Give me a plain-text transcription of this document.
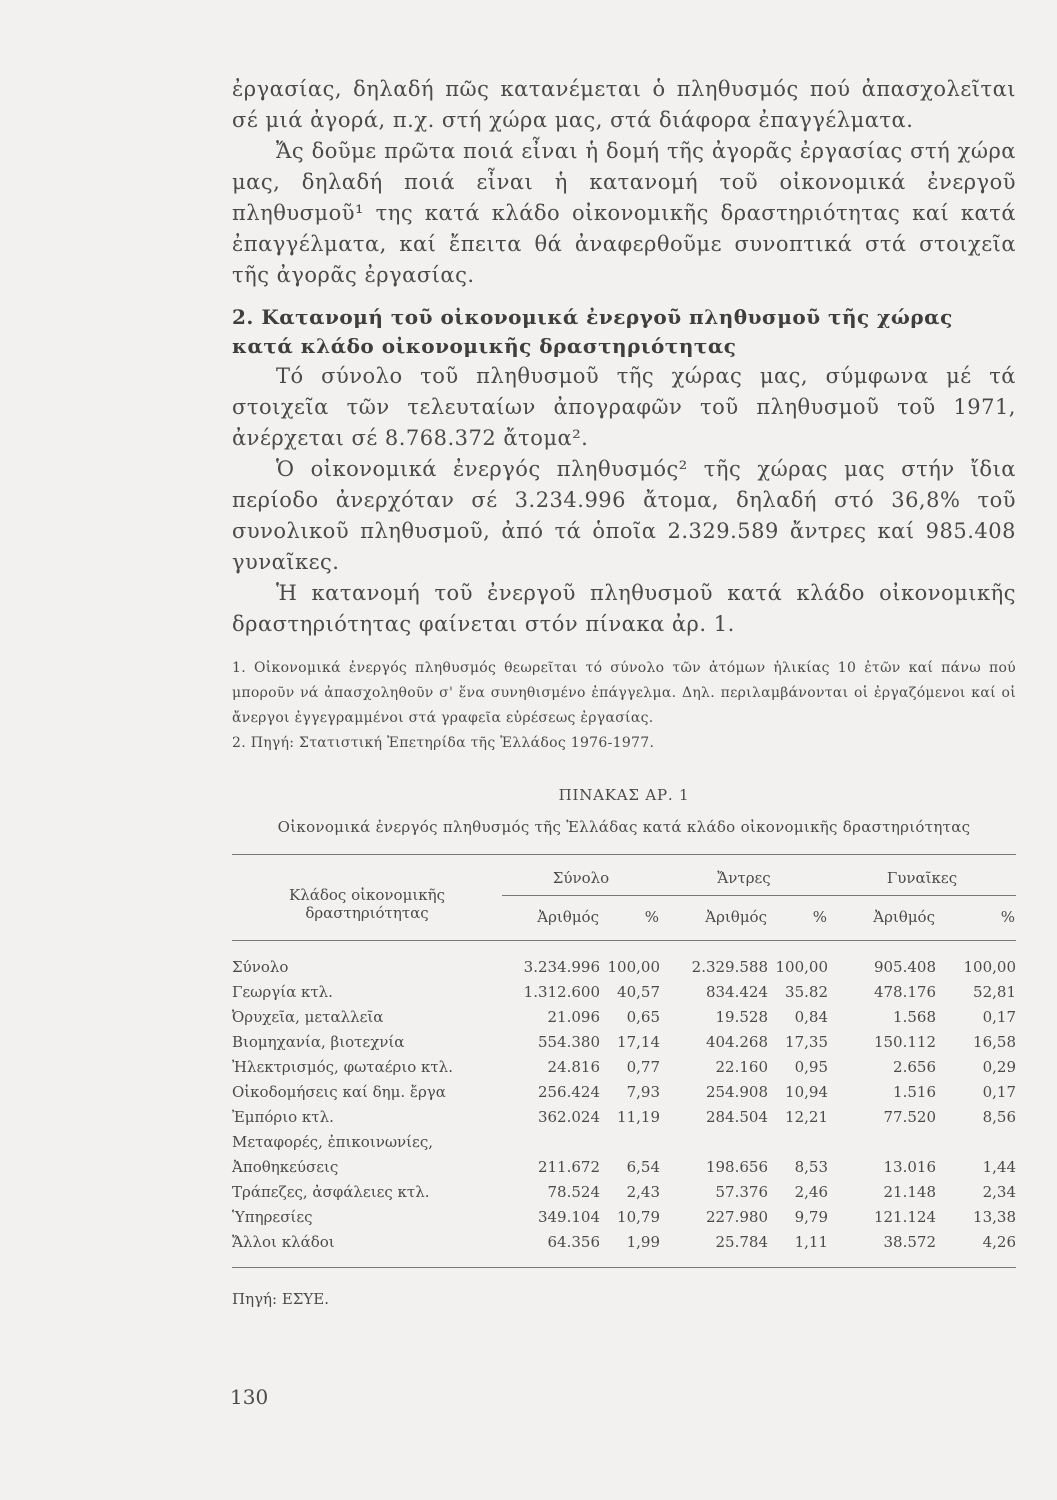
ἐργασίας, δηλαδή πῶς κατανέμεται ὁ πληθυσμός πού ἀπασχολεῖται σέ μιά ἀγορά, π.χ. στή χώρα μας, στά διάφορα ἐπαγγέλματα.

Ἄς δοῦμε πρῶτα ποιά εἶναι ἡ δομή τῆς ἀγορᾶς ἐργασίας στή χώρα μας, δηλαδή ποιά εἶναι ἡ κατανομή τοῦ οἰκονομικά ἐνεργοῦ πληθυσμοῦ¹ της κατά κλάδο οἰκονομικῆς δραστηριότητας καί κατά ἐπαγγέλματα, καί ἔπειτα θά ἀναφερθοῦμε συνοπτικά στά στοιχεῖα τῆς ἀγορᾶς ἐργασίας.

2. Κατανομή τοῦ οἰκονομικά ἐνεργοῦ πληθυσμοῦ τῆς χώρας κατά κλάδο οἰκονομικῆς δραστηριότητας

Τό σύνολο τοῦ πληθυσμοῦ τῆς χώρας μας, σύμφωνα μέ τά στοιχεῖα τῶν τελευταίων ἀπογραφῶν τοῦ πληθυσμοῦ τοῦ 1971, ἀνέρχεται σέ 8.768.372 ἄτομα².

Ὁ οἰκονομικά ἐνεργός πληθυσμός² τῆς χώρας μας στήν ἴδια περίοδο ἀνερχόταν σέ 3.234.996 ἄτομα, δηλαδή στό 36,8% τοῦ συνολικοῦ πληθυσμοῦ, ἀπό τά ὁποῖα 2.329.589 ἄντρες καί 985.408 γυναῖκες.

Ἡ κατανομή τοῦ ἐνεργοῦ πληθυσμοῦ κατά κλάδο οἰκονομικῆς δραστηριότητας φαίνεται στόν πίνακα ἀρ. 1.

1. Οἰκονομικά ἐνεργός πληθυσμός θεωρεῖται τό σύνολο τῶν ἀτόμων ἡλικίας 10 ἐτῶν καί πάνω πού μποροῦν νά ἀπασχοληθοῦν σ' ἕνα συνηθισμένο ἐπάγγελμα. Δηλ. περιλαμβάνονται οἱ ἐργαζόμενοι καί οἱ ἄνεργοι ἐγγεγραμμένοι στά γραφεῖα εὑρέσεως ἐργασίας.

2. Πηγή: Στατιστική Ἐπετηρίδα τῆς Ἑλλάδος 1976-1977.

ΠΙΝΑΚΑΣ ΑΡ. 1
Οἰκονομικά ἐνεργός πληθυσμός τῆς Ἑλλάδας κατά κλάδο οἰκονομικῆς δραστηριότητας
Κλάδος οἰκονομικῆς
δραστηριότητας	Σύνολο		Ἄντρες		Γυναῖκες	
	Ἀριθμός	%	Ἀριθμός	%	Ἀριθμός	%
Σύνολο	3.234.996	100,00	2.329.588	100,00	905.408	100,00
Γεωργία κτλ.	1.312.600	40,57	834.424	35.82	478.176	52,81
Ὀρυχεῖα, μεταλλεῖα	21.096	0,65	19.528	0,84	1.568	0,17
Βιομηχανία, βιοτεχνία	554.380	17,14	404.268	17,35	150.112	16,58
Ἠλεκτρισμός, φωταέριο κτλ.	24.816	0,77	22.160	0,95	2.656	0,29
Οἰκοδομήσεις καί δημ. ἔργα	256.424	7,93	254.908	10,94	1.516	0,17
Ἐμπόριο κτλ.	362.024	11,19	284.504	12,21	77.520	8,56
Μεταφορές, ἐπικοινωνίες,						
Ἀποθηκεύσεις	211.672	6,54	198.656	8,53	13.016	1,44
Τράπεζες, ἀσφάλειες κτλ.	78.524	2,43	57.376	2,46	21.148	2,34
Ὑπηρεσίες	349.104	10,79	227.980	9,79	121.124	13,38
Ἄλλοι κλάδοι	64.356	1,99	25.784	1,11	38.572	4,26
Πηγή: ΕΣΥΕ.
130
